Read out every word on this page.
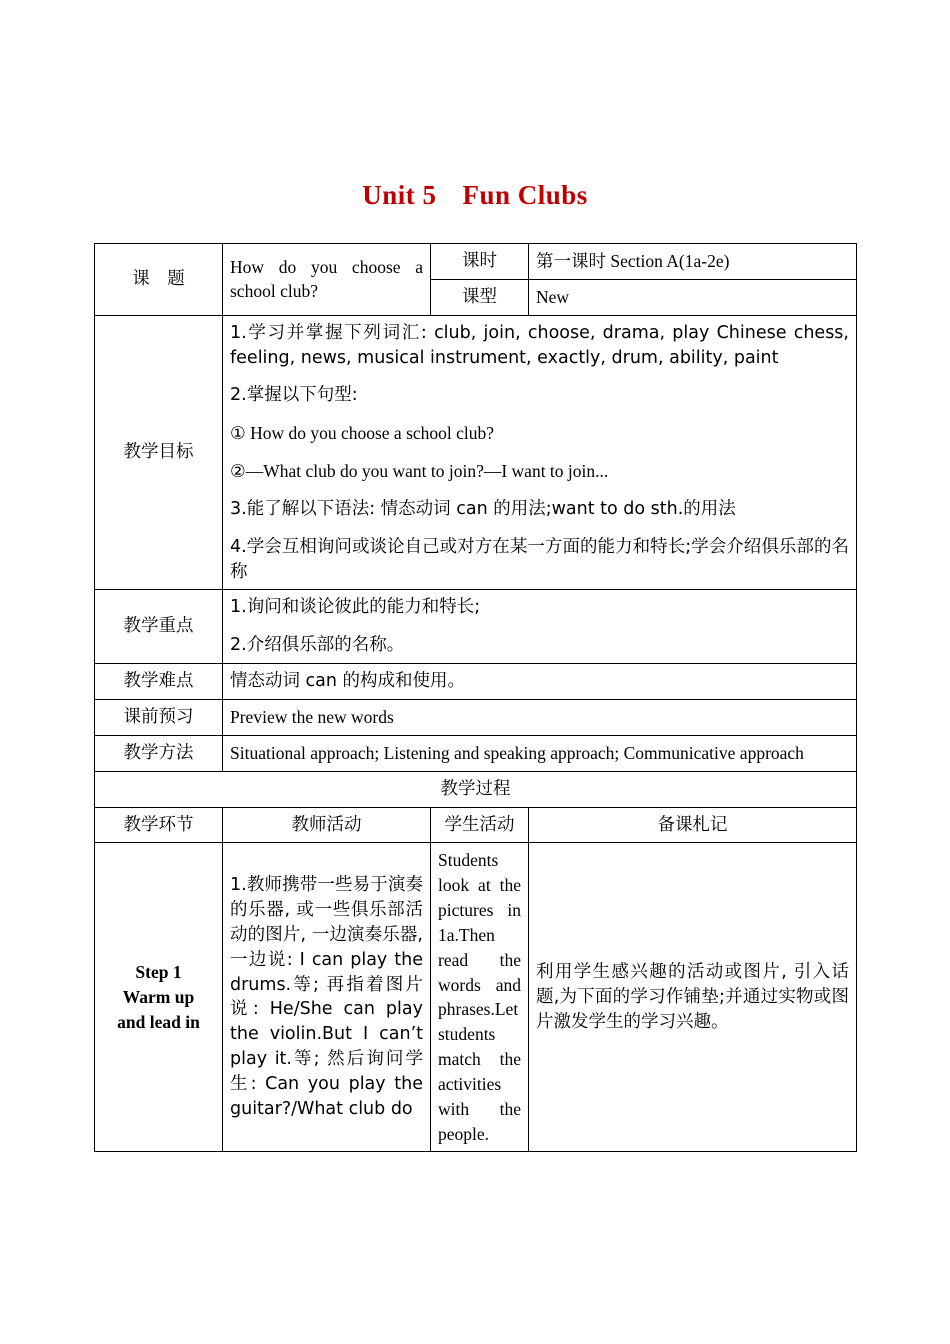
Unit 5 Fun Clubs
课　题	How do you choose a school club?	课时	第一课时 Section A(1a-2e)
		课型	New
教学目标	

1.学习并掌握下列词汇: club, join, choose, drama, play Chinese chess, feeling, news, musical instrument, exactly, drum, ability, paint

2.掌握以下句型:

① How do you choose a school club?

②—What club do you want to join?—I want to join...

3.能了解以下语法: 情态动词 can 的用法;want to do sth.的用法

4.学会互相询问或谈论自己或对方在某一方面的能力和特长;学会介绍俱乐部的名称

教学重点	1.询问和谈论彼此的能力和特长;

2.介绍俱乐部的名称。		

教学难点	情态动词 can 的构成和使用。		
课前预习	Preview the new words		
教学方法	Situational approach; Listening and speaking approach; Communicative approach		
教学过程			
教学环节	教师活动	学生活动	备课札记

Step 1
Warm up
and lead in	1.教师携带一些易于演奏的乐器, 或一些俱乐部活动的图片, 一边演奏乐器, 一边说: I can play the drums.等; 再指着图片说: He/She can play the violin.But I can’t play it.等; 然后询问学生: Can you play the guitar?/What club do	Students look at the pictures in 1a.Then read the words and phrases.Let students match the activities with the people.	利用学生感兴趣的活动或图片, 引入话题,为下面的学习作铺垫;并通过实物或图片激发学生的学习兴趣。
